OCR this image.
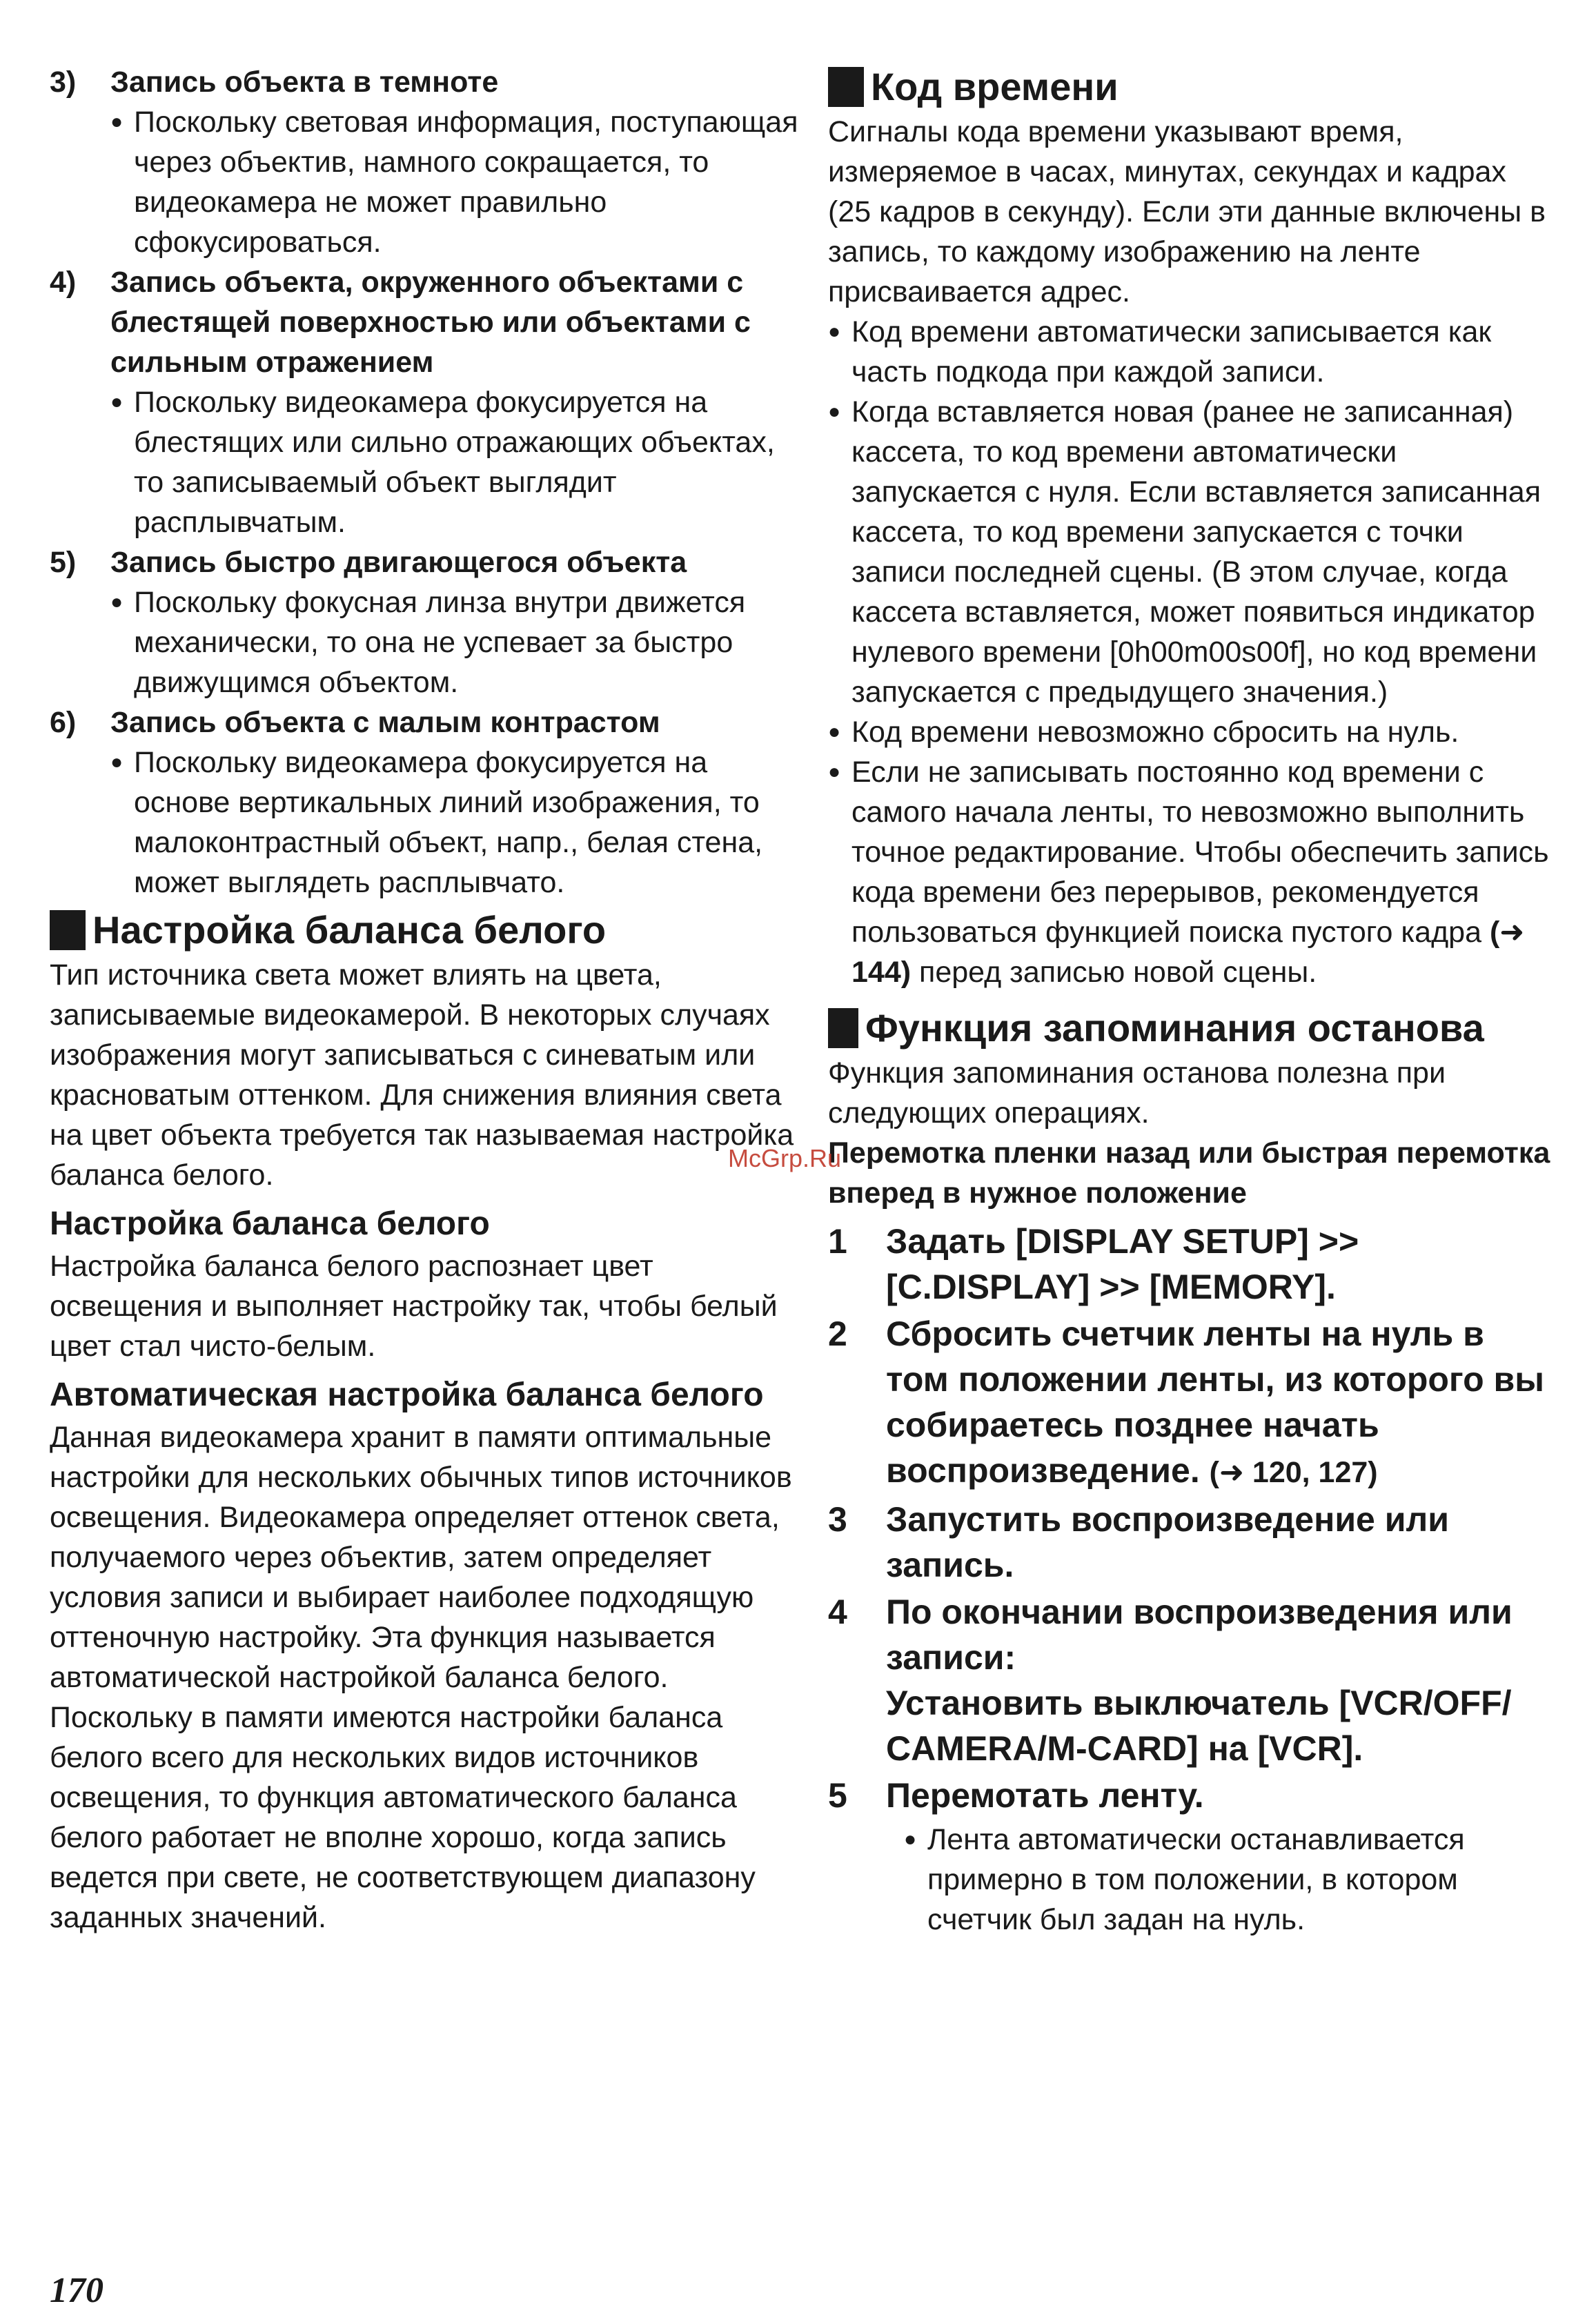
3)	Запись объекта в темноте
● Поскольку световая информация, поступающая через объектив, намного сокращается, то видеокамера не может правильно сфокусироваться.
4)	Запись объекта, окруженного объектами с блестящей поверхностью или объектами с сильным отражением
● Поскольку видеокамера фокусируется на блестящих или сильно отражающих объектах, то записываемый объект выглядит расплывчатым.
5)	Запись быстро двигающегося объекта
● Поскольку фокусная линза внутри движется механически, то она не успевает за быстро движущимся объектом.
6)	Запись объекта с малым контрастом
● Поскольку видеокамера фокусируется на основе вертикальных линий изображения, то малоконтрастный объект, напр., белая стена, может выглядеть расплывчато.
Настройка баланса белого
Тип источника света может влиять на цвета, записываемые видеокамерой. В некоторых случаях изображения могут записываться с синеватым или красноватым оттенком. Для снижения влияния света на цвет объекта требуется так называемая настройка баланса белого.
Настройка баланса белого
Настройка баланса белого распознает цвет освещения и выполняет настройку так, чтобы белый цвет стал чисто-белым.
Автоматическая настройка баланса белого
Данная видеокамера хранит в памяти оптимальные настройки для нескольких обычных типов источников освещения. Видеокамера определяет оттенок света, получаемого через объектив, затем определяет условия записи и выбирает наиболее подходящую оттеночную настройку. Эта функция называется автоматической настройкой баланса белого.
Поскольку в памяти имеются настройки баланса белого всего для нескольких видов источников освещения, то функция автоматического баланса белого работает не вполне хорошо, когда запись ведется при свете, не соответствующем диапазону заданных значений.
Код времени
Сигналы кода времени указывают время, измеряемое в часах, минутах, секундах и кадрах (25 кадров в секунду). Если эти данные включены в запись, то каждому изображению на ленте присваивается адрес.
● Код времени автоматически записывается как часть подкода при каждой записи.
● Когда вставляется новая (ранее не записанная) кассета, то код времени автоматически запускается с нуля. Если вставляется записанная кассета, то код времени запускается с точки записи последней сцены. (В этом случае, когда кассета вставляется, может появиться индикатор нулевого времени [0h00m00s00f], но код времени запускается с предыдущего значения.)
● Код времени невозможно сбросить на нуль.
● Если не записывать постоянно код времени с самого начала ленты, то невозможно выполнить точное редактирование. Чтобы обеспечить запись кода времени без перерывов, рекомендуется пользоваться функцией поиска пустого кадра (➜ 144) перед записью новой сцены.
Функция запоминания останова
Функция запоминания останова полезна при следующих операциях.
Перемотка пленки назад или быстрая перемотка вперед в нужное положение
1	Задать [DISPLAY SETUP] >> [C.DISPLAY] >> [MEMORY].
2	Сбросить счетчик ленты на нуль в том положении ленты, из которого вы собираетесь позднее начать воспроизведение. (➜ 120, 127)
3	Запустить воспроизведение или запись.
4	По окончании воспроизведения или записи:
Установить выключатель [VCR/OFF/ CAMERA/M-CARD] на [VCR].
5	Перемотать ленту.
● Лента автоматически останавливается примерно в том положении, в котором счетчик был задан на нуль.
McGrp.Ru
170
